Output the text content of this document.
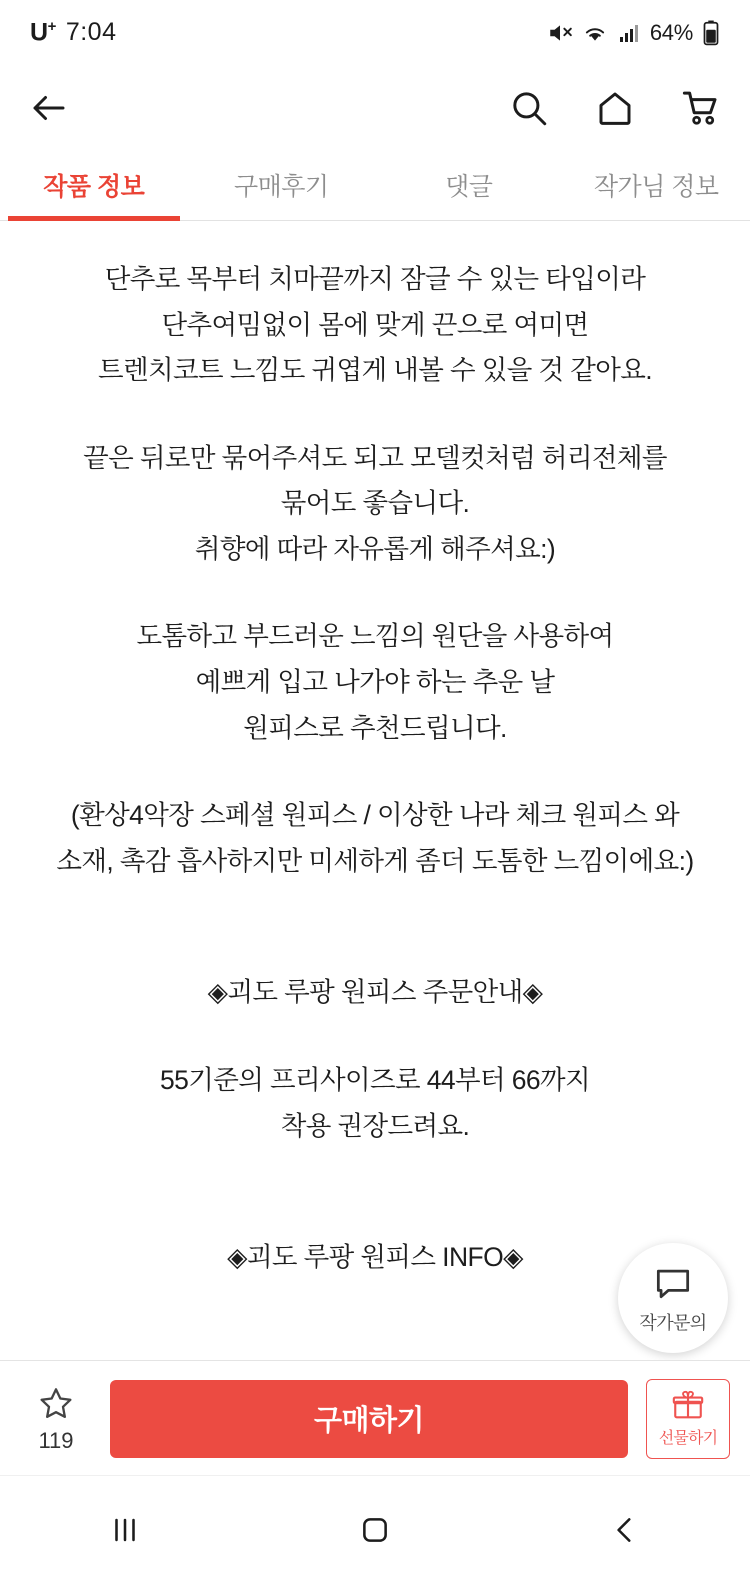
U+ 7:04	64%
작품 정보	구매후기	댓글	작가님 정보

단추로 목부터 치마끝까지 잠글 수 있는 타입이라
단추여밈없이 몸에 맞게 끈으로 여미면
트렌치코트 느낌도 귀엽게 내볼 수 있을 것 같아요.

끝은 뒤로만 묶어주셔도 되고 모델컷처럼 허리전체를
묶어도 좋습니다.
취향에 따라 자유롭게 해주셔요:)

도톰하고 부드러운 느낌의 원단을 사용하여
예쁘게 입고 나가야 하는 추운 날
원피스로 추천드립니다.

(환상4악장 스페셜 원피스 / 이상한 나라 체크 원피스 와
소재, 촉감 흡사하지만 미세하게 좀더 도톰한 느낌이에요:)

◈괴도 루팡 원피스 주문안내◈

55기준의 프리사이즈로 44부터 66까지
착용 권장드려요.

◈괴도 루팡 원피스 INFO◈

작가문의
119
구매하기
선물하기
